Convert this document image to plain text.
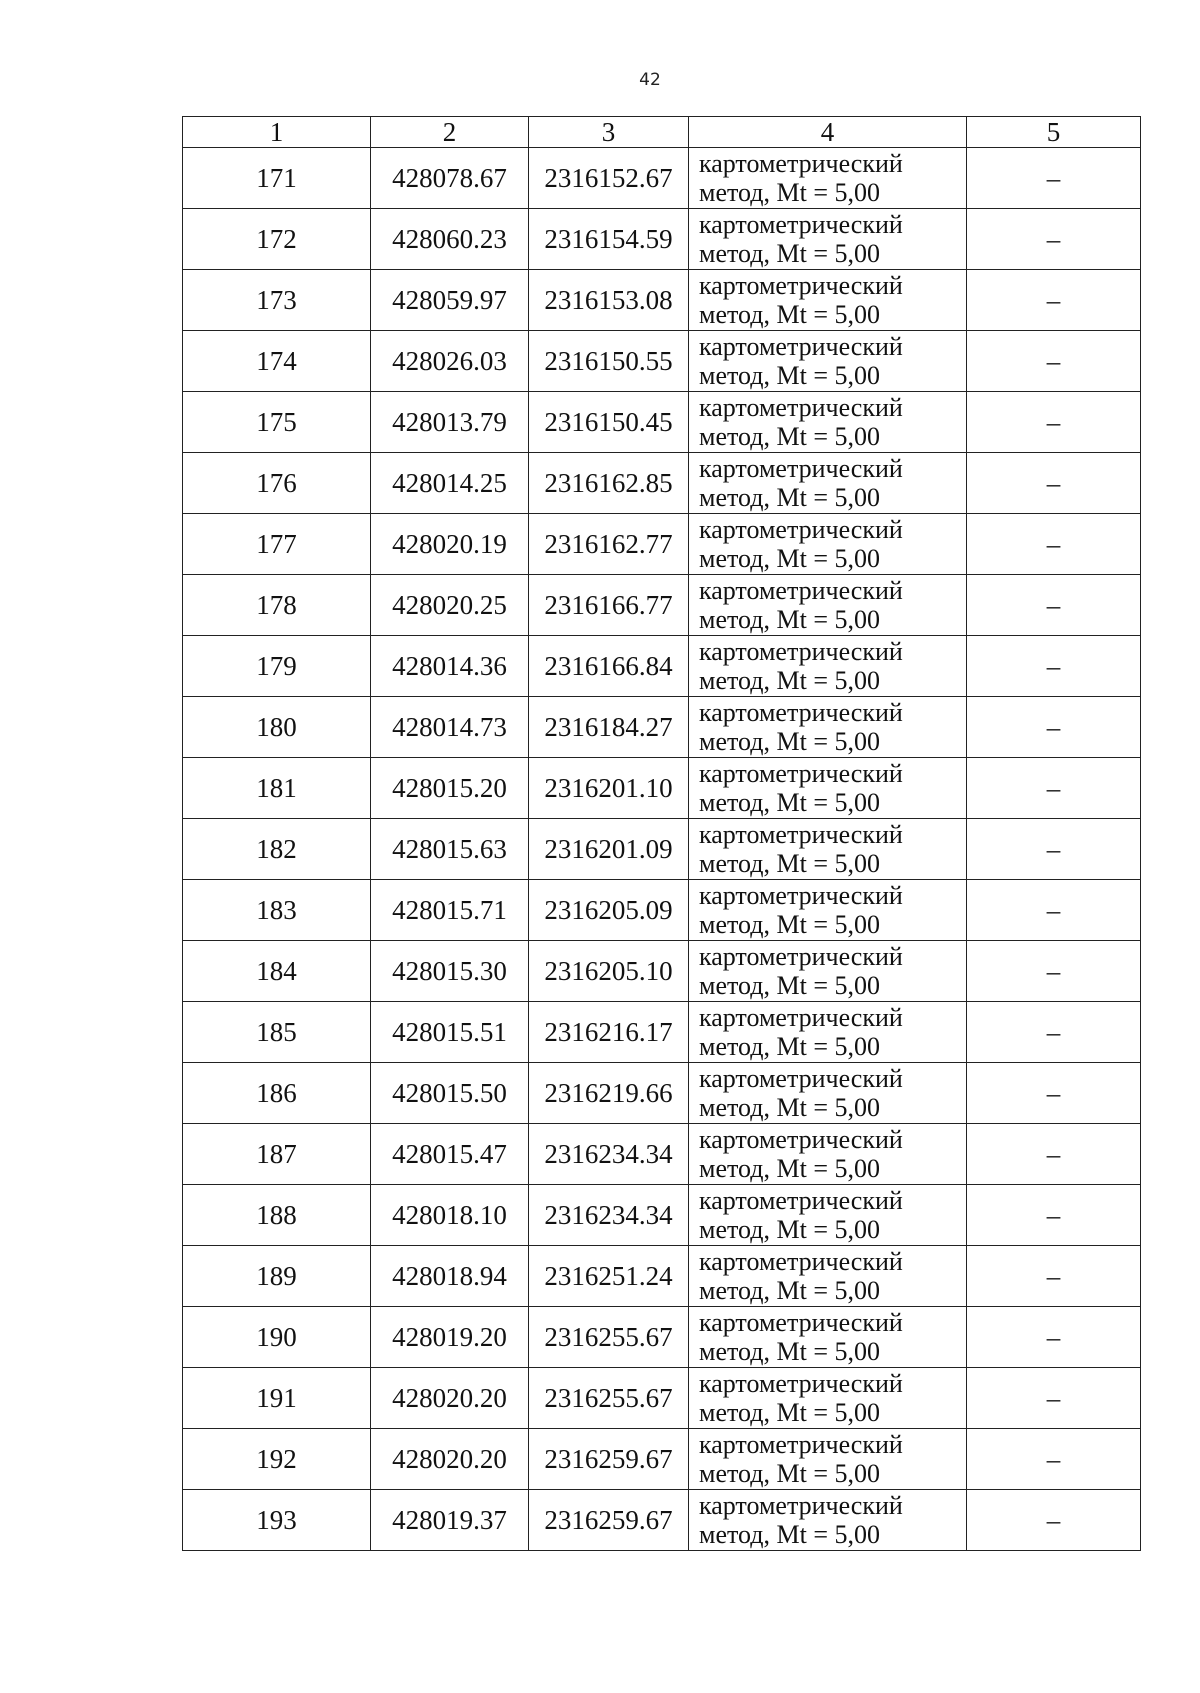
42
1	2	3	4	5
171	428078.67	2316152.67	картометрический
метод, Mt = 5,00	–
172	428060.23	2316154.59	картометрический
метод, Mt = 5,00	–
173	428059.97	2316153.08	картометрический
метод, Mt = 5,00	–
174	428026.03	2316150.55	картометрический
метод, Mt = 5,00	–
175	428013.79	2316150.45	картометрический
метод, Mt = 5,00	–
176	428014.25	2316162.85	картометрический
метод, Mt = 5,00	–
177	428020.19	2316162.77	картометрический
метод, Mt = 5,00	–
178	428020.25	2316166.77	картометрический
метод, Mt = 5,00	–
179	428014.36	2316166.84	картометрический
метод, Mt = 5,00	–
180	428014.73	2316184.27	картометрический
метод, Mt = 5,00	–
181	428015.20	2316201.10	картометрический
метод, Mt = 5,00	–
182	428015.63	2316201.09	картометрический
метод, Mt = 5,00	–
183	428015.71	2316205.09	картометрический
метод, Mt = 5,00	–
184	428015.30	2316205.10	картометрический
метод, Mt = 5,00	–
185	428015.51	2316216.17	картометрический
метод, Mt = 5,00	–
186	428015.50	2316219.66	картометрический
метод, Mt = 5,00	–
187	428015.47	2316234.34	картометрический
метод, Mt = 5,00	–
188	428018.10	2316234.34	картометрический
метод, Mt = 5,00	–
189	428018.94	2316251.24	картометрический
метод, Mt = 5,00	–
190	428019.20	2316255.67	картометрический
метод, Mt = 5,00	–
191	428020.20	2316255.67	картометрический
метод, Mt = 5,00	–
192	428020.20	2316259.67	картометрический
метод, Mt = 5,00	–
193	428019.37	2316259.67	картометрический
метод, Mt = 5,00	–
